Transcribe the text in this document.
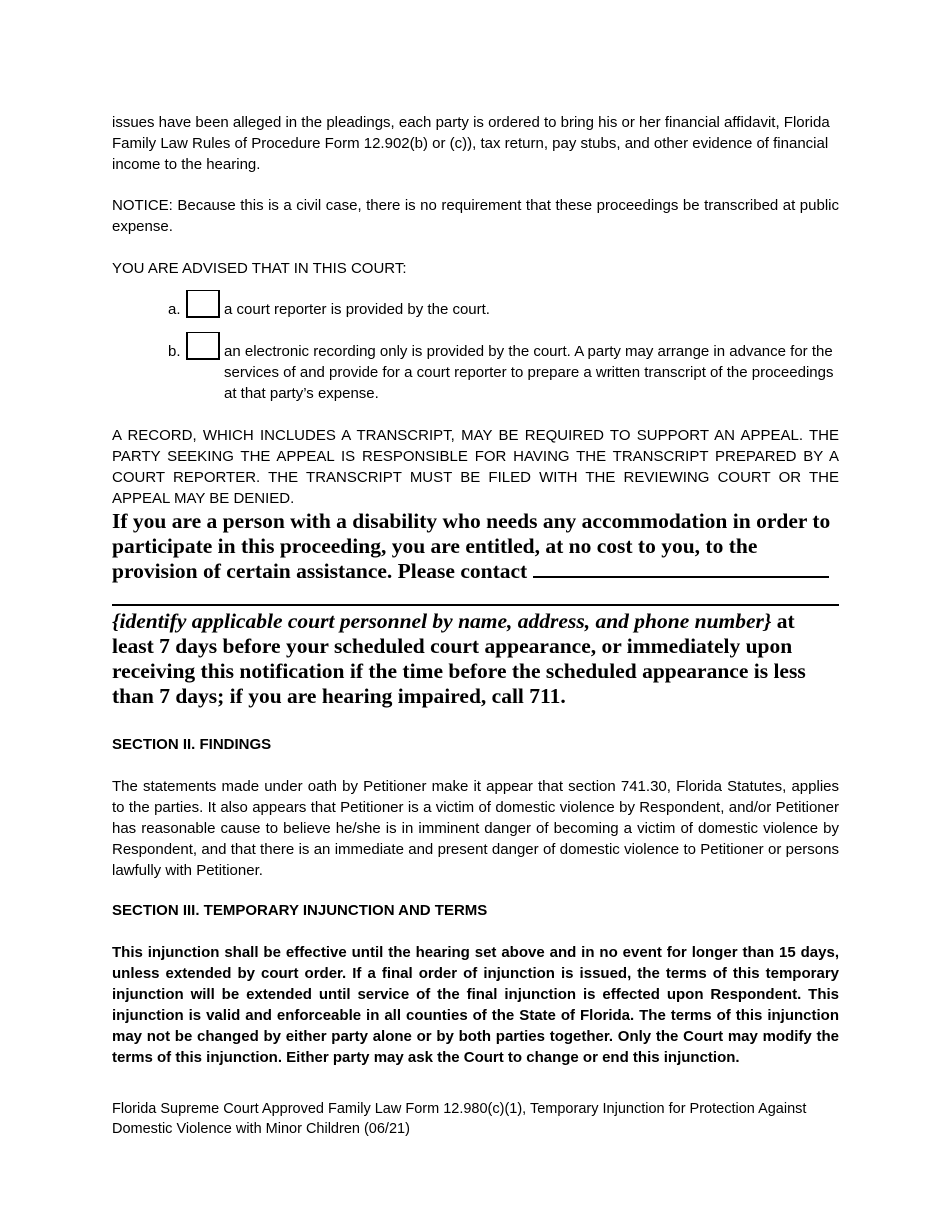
issues have been alleged in the pleadings, each party is ordered to bring his or her financial affidavit, Florida Family Law Rules of Procedure Form 12.902(b) or (c)), tax return, pay stubs, and other evidence of financial income to the hearing.

NOTICE: Because this is a civil case, there is no requirement that these proceedings be transcribed at public expense.

YOU ARE ADVISED THAT IN THIS COURT:

a.	a court reporter is provided by the court.
b.	an electronic recording only is provided by the court. A party may arrange in advance for the services of and provide for a court reporter to prepare a written transcript of the proceedings at that party’s expense.

A RECORD, WHICH INCLUDES A TRANSCRIPT, MAY BE REQUIRED TO SUPPORT AN APPEAL. THE PARTY SEEKING THE APPEAL IS RESPONSIBLE FOR HAVING THE TRANSCRIPT PREPARED BY A COURT REPORTER. THE TRANSCRIPT MUST BE FILED WITH THE REVIEWING COURT OR THE APPEAL MAY BE DENIED.

If you are a person with a disability who needs any accommodation in order to participate in this proceeding, you are entitled, at no cost to you, to the provision of certain assistance. Please contact

{identify applicable court personnel by name, address, and phone number} at least 7 days before your scheduled court appearance, or immediately upon receiving this notification if the time before the scheduled appearance is less than 7 days; if you are hearing impaired, call 711.

SECTION II. FINDINGS

The statements made under oath by Petitioner make it appear that section 741.30, Florida Statutes, applies to the parties. It also appears that Petitioner is a victim of domestic violence by Respondent, and/or Petitioner has reasonable cause to believe he/she is in imminent danger of becoming a victim of domestic violence by Respondent, and that there is an immediate and present danger of domestic violence to Petitioner or persons lawfully with Petitioner.

SECTION III. TEMPORARY INJUNCTION AND TERMS

This injunction shall be effective until the hearing set above and in no event for longer than 15 days, unless extended by court order. If a final order of injunction is issued, the terms of this temporary injunction will be extended until service of the final injunction is effected upon Respondent. This injunction is valid and enforceable in all counties of the State of Florida. The terms of this injunction may not be changed by either party alone or by both parties together. Only the Court may modify the terms of this injunction. Either party may ask the Court to change or end this injunction.

Florida Supreme Court Approved Family Law Form 12.980(c)(1), Temporary Injunction for Protection Against
Domestic Violence with Minor Children (06/21)
